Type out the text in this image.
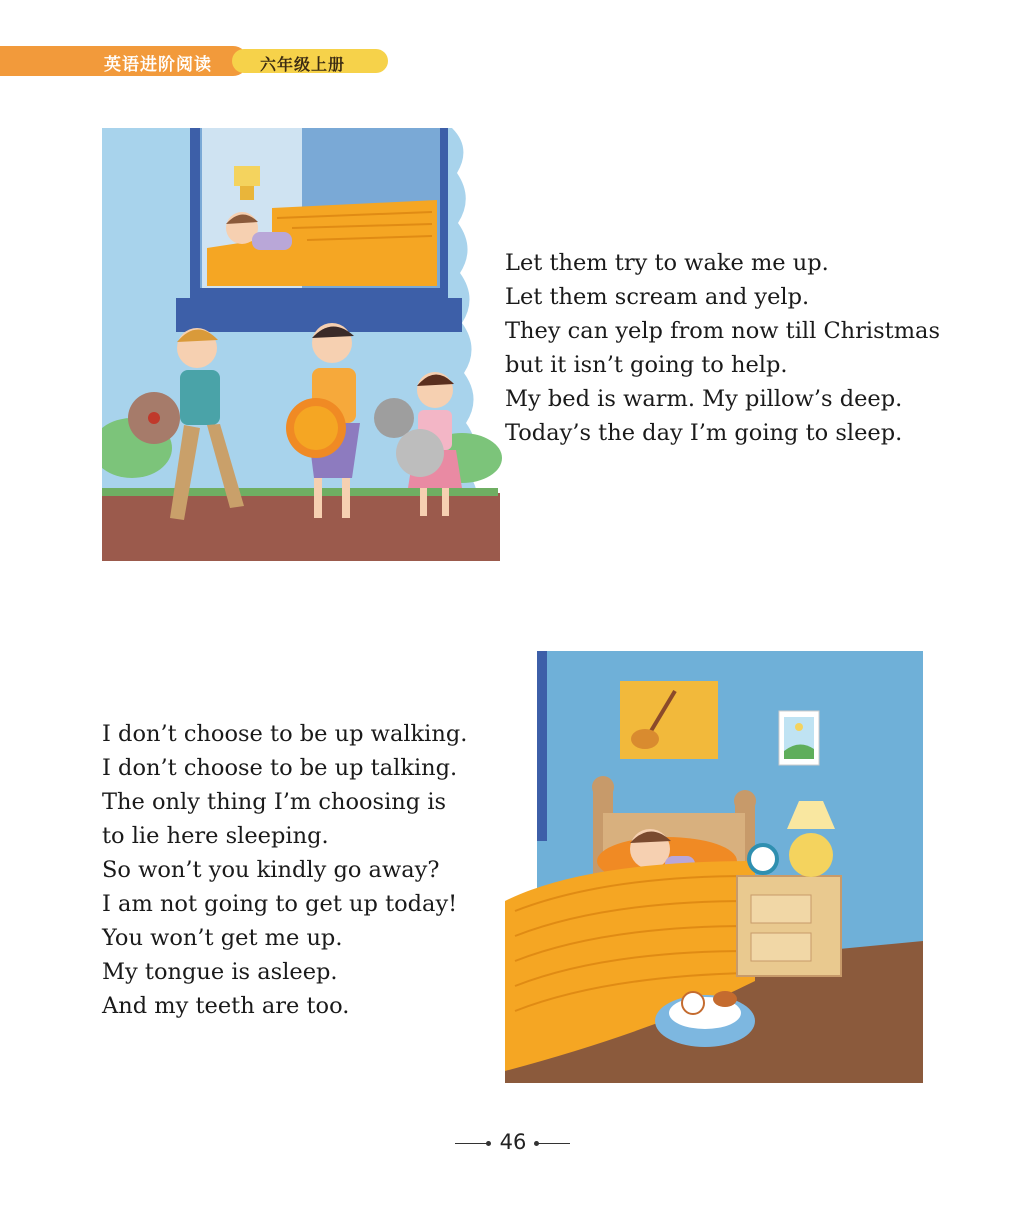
英语进阶阅读	六年级上册
Let them try to wake me up.
Let them scream and yelp.
They can yelp from now till Christmas
but it isn’t going to help.
My bed is warm. My pillow’s deep.
Today’s the day I’m going to sleep.
I don’t choose to be up walking.
I don’t choose to be up talking.
The only thing I’m choosing is
to lie here sleeping.
So won’t you kindly go away?
I am not going to get up today!
You won’t get me up.
My tongue is asleep.
And my teeth are too.
46
